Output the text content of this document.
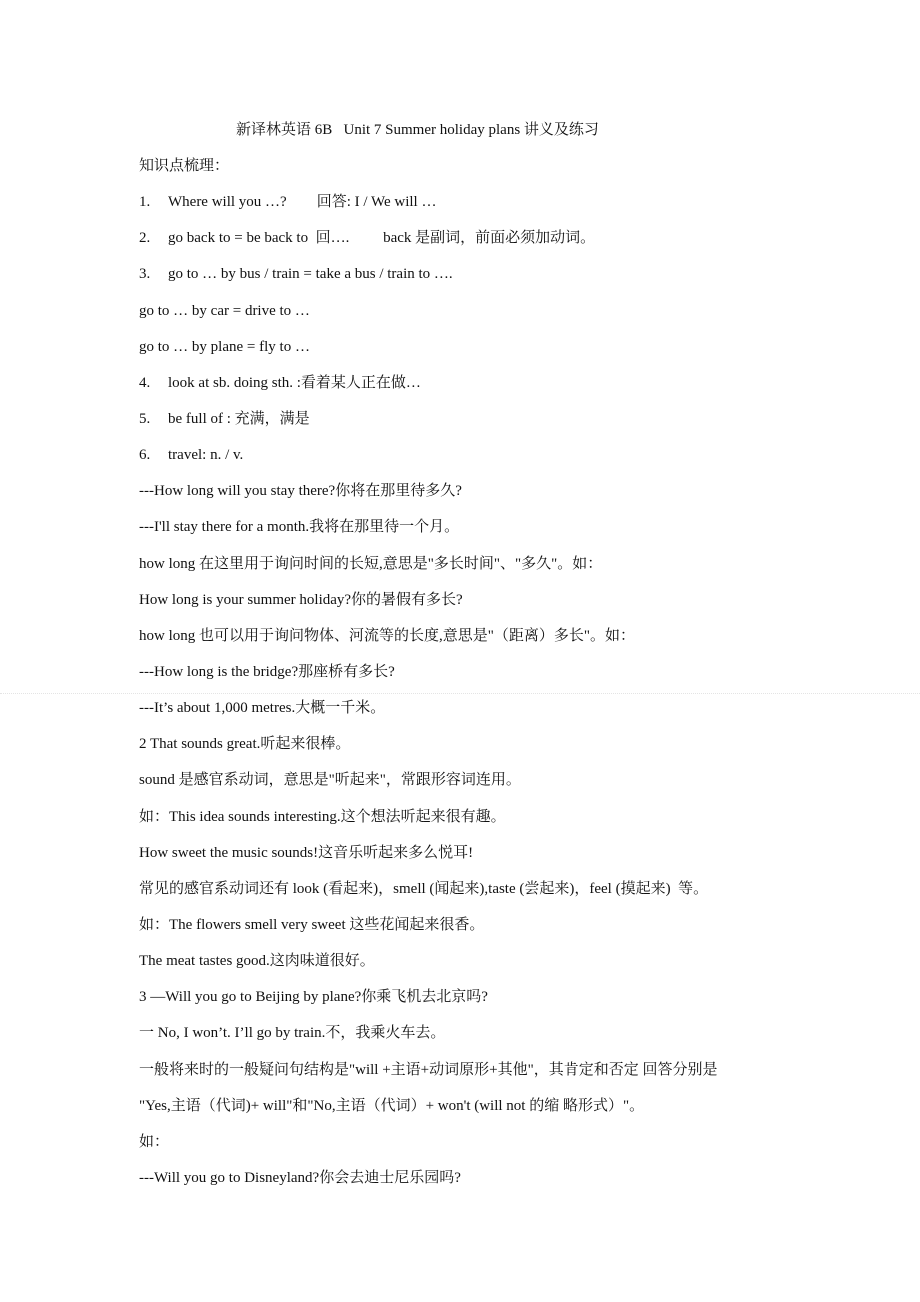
新译林英语 6B   Unit 7 Summer holiday plans 讲义及练习
知识点梳理：
1. Where will you …?        回答: I / We will …
2. go back to = be back to  回….         back 是副词，前面必须加动词。
3. go to … by bus / train = take a bus / train to ….
go to … by car = drive to …
go to … by plane = fly to …
4. look at sb. doing sth. :看着某人正在做…
5. be full of : 充满，满是
6. travel: n. / v.
---How long will you stay there?你将在那里待多久?
---I'll stay there for a month.我将在那里待一个月。
how long 在这里用于询问时间的长短,意思是"多长时间"、"多久"。如：
How long is your summer holiday?你的暑假有多长?
how long 也可以用于询问物体、河流等的长度,意思是"（距离）多长"。如：
---How long is the bridge?那座桥有多长?
---It’s about 1,000 metres.大概一千米。
2 That sounds great.听起来很棒。
sound 是感官系动词，意思是"听起来"，常跟形容词连用。
如：This idea sounds interesting.这个想法听起来很有趣。
How sweet the music sounds!这音乐听起来多么悦耳!
常见的感官系动词还有 look (看起来)，smell (闻起来),taste (尝起来)，feel (摸起来)  等。
如：The flowers smell very sweet 这些花闻起来很香。
The meat tastes good.这肉味道很好。
3 —Will you go to Beijing by plane?你乘飞机去北京吗?
一 No, I won’t. I’ll go by train.不，我乘火车去。
一般将来时的一般疑问句结构是"will +主语+动词原形+其他"，其肯定和否定 回答分别是
"Yes,主语（代词)+ will"和"No,主语（代词）+ won't (will not 的缩 略形式）"。
如：
---Will you go to Disneyland?你会去迪士尼乐园吗?
